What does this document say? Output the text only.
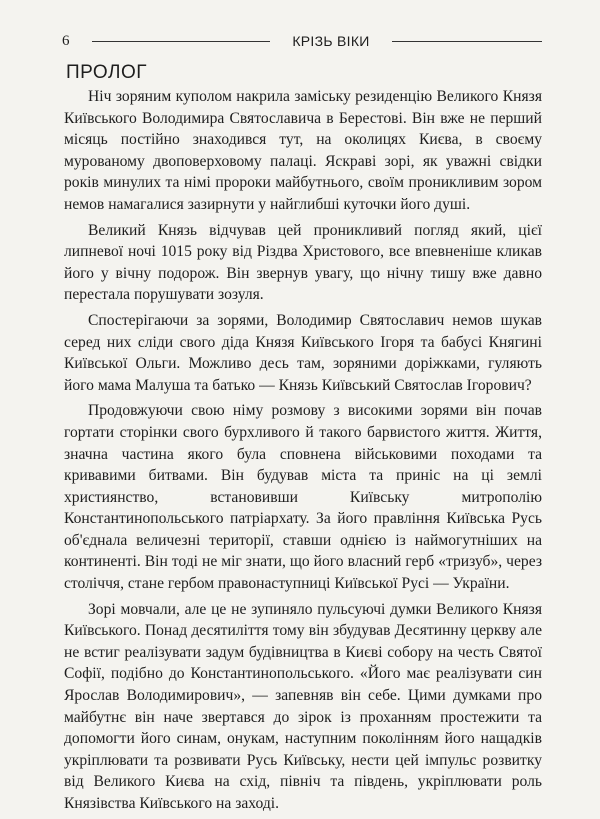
6	КРІЗЬ ВІКИ
ПРОЛОГ

Ніч зоряним куполом накрила заміську резиденцію Великого Князя Київського Володимира Святославича в Берестові. Він вже не перший місяць постійно знаходився тут, на околицях Києва, в своєму мурованому двоповерховому палаці. Яскраві зорі, як уважні свідки років минулих та німі пророки майбутнього, своїм проникливим зором немов намагалися зазирнути у найглибші куточки його душі.

Великий Князь відчував цей проникливий погляд який, цієї липневої ночі 1015 року від Різдва Христового, все впевненіше кликав його у вічну подорож. Він звернув увагу, що нічну тишу вже давно перестала порушувати зозуля.

Спостерігаючи за зорями, Володимир Святославич немов шукав серед них сліди свого діда Князя Київського Ігоря та бабусі Княгині Київської Ольги. Можливо десь там, зоряними доріжками, гуляють його мама Малуша та батько — Князь Київський Святослав Ігорович?

Продовжуючи свою німу розмову з високими зорями він почав гортати сторінки свого бурхливого й такого барвистого життя. Життя, значна частина якого була сповнена військовими походами та кривавими битвами. Він будував міста та приніс на ці землі християнство, встановивши Київську митрополію Константинопольського патріархату. За його правління Київська Русь об'єднала величезні території, ставши однією із наймогутніших на континенті. Він тоді не міг знати, що його власний герб «тризуб», через століччя, стане гербом правонаступниці Київської Русі — України.

Зорі мовчали, але це не зупиняло пульсуючі думки Великого Князя Київського. Понад десятиліття тому він збудував Десятинну церкву але не встиг реалізувати задум будівництва в Києві собору на честь Святої Софії, подібно до Константинопольського. «Його має реалізувати син Ярослав Володимирович», — запевняв він себе. Цими думками про майбутнє він наче звертався до зірок із проханням простежити та допомогти його синам, онукам, наступним поколінням його нащадків укріплювати та розвивати Русь Київську, нести цей імпульс розвитку від Великого Києва на схід, північ та південь, укріплювати роль Князівства Київського на заході.
